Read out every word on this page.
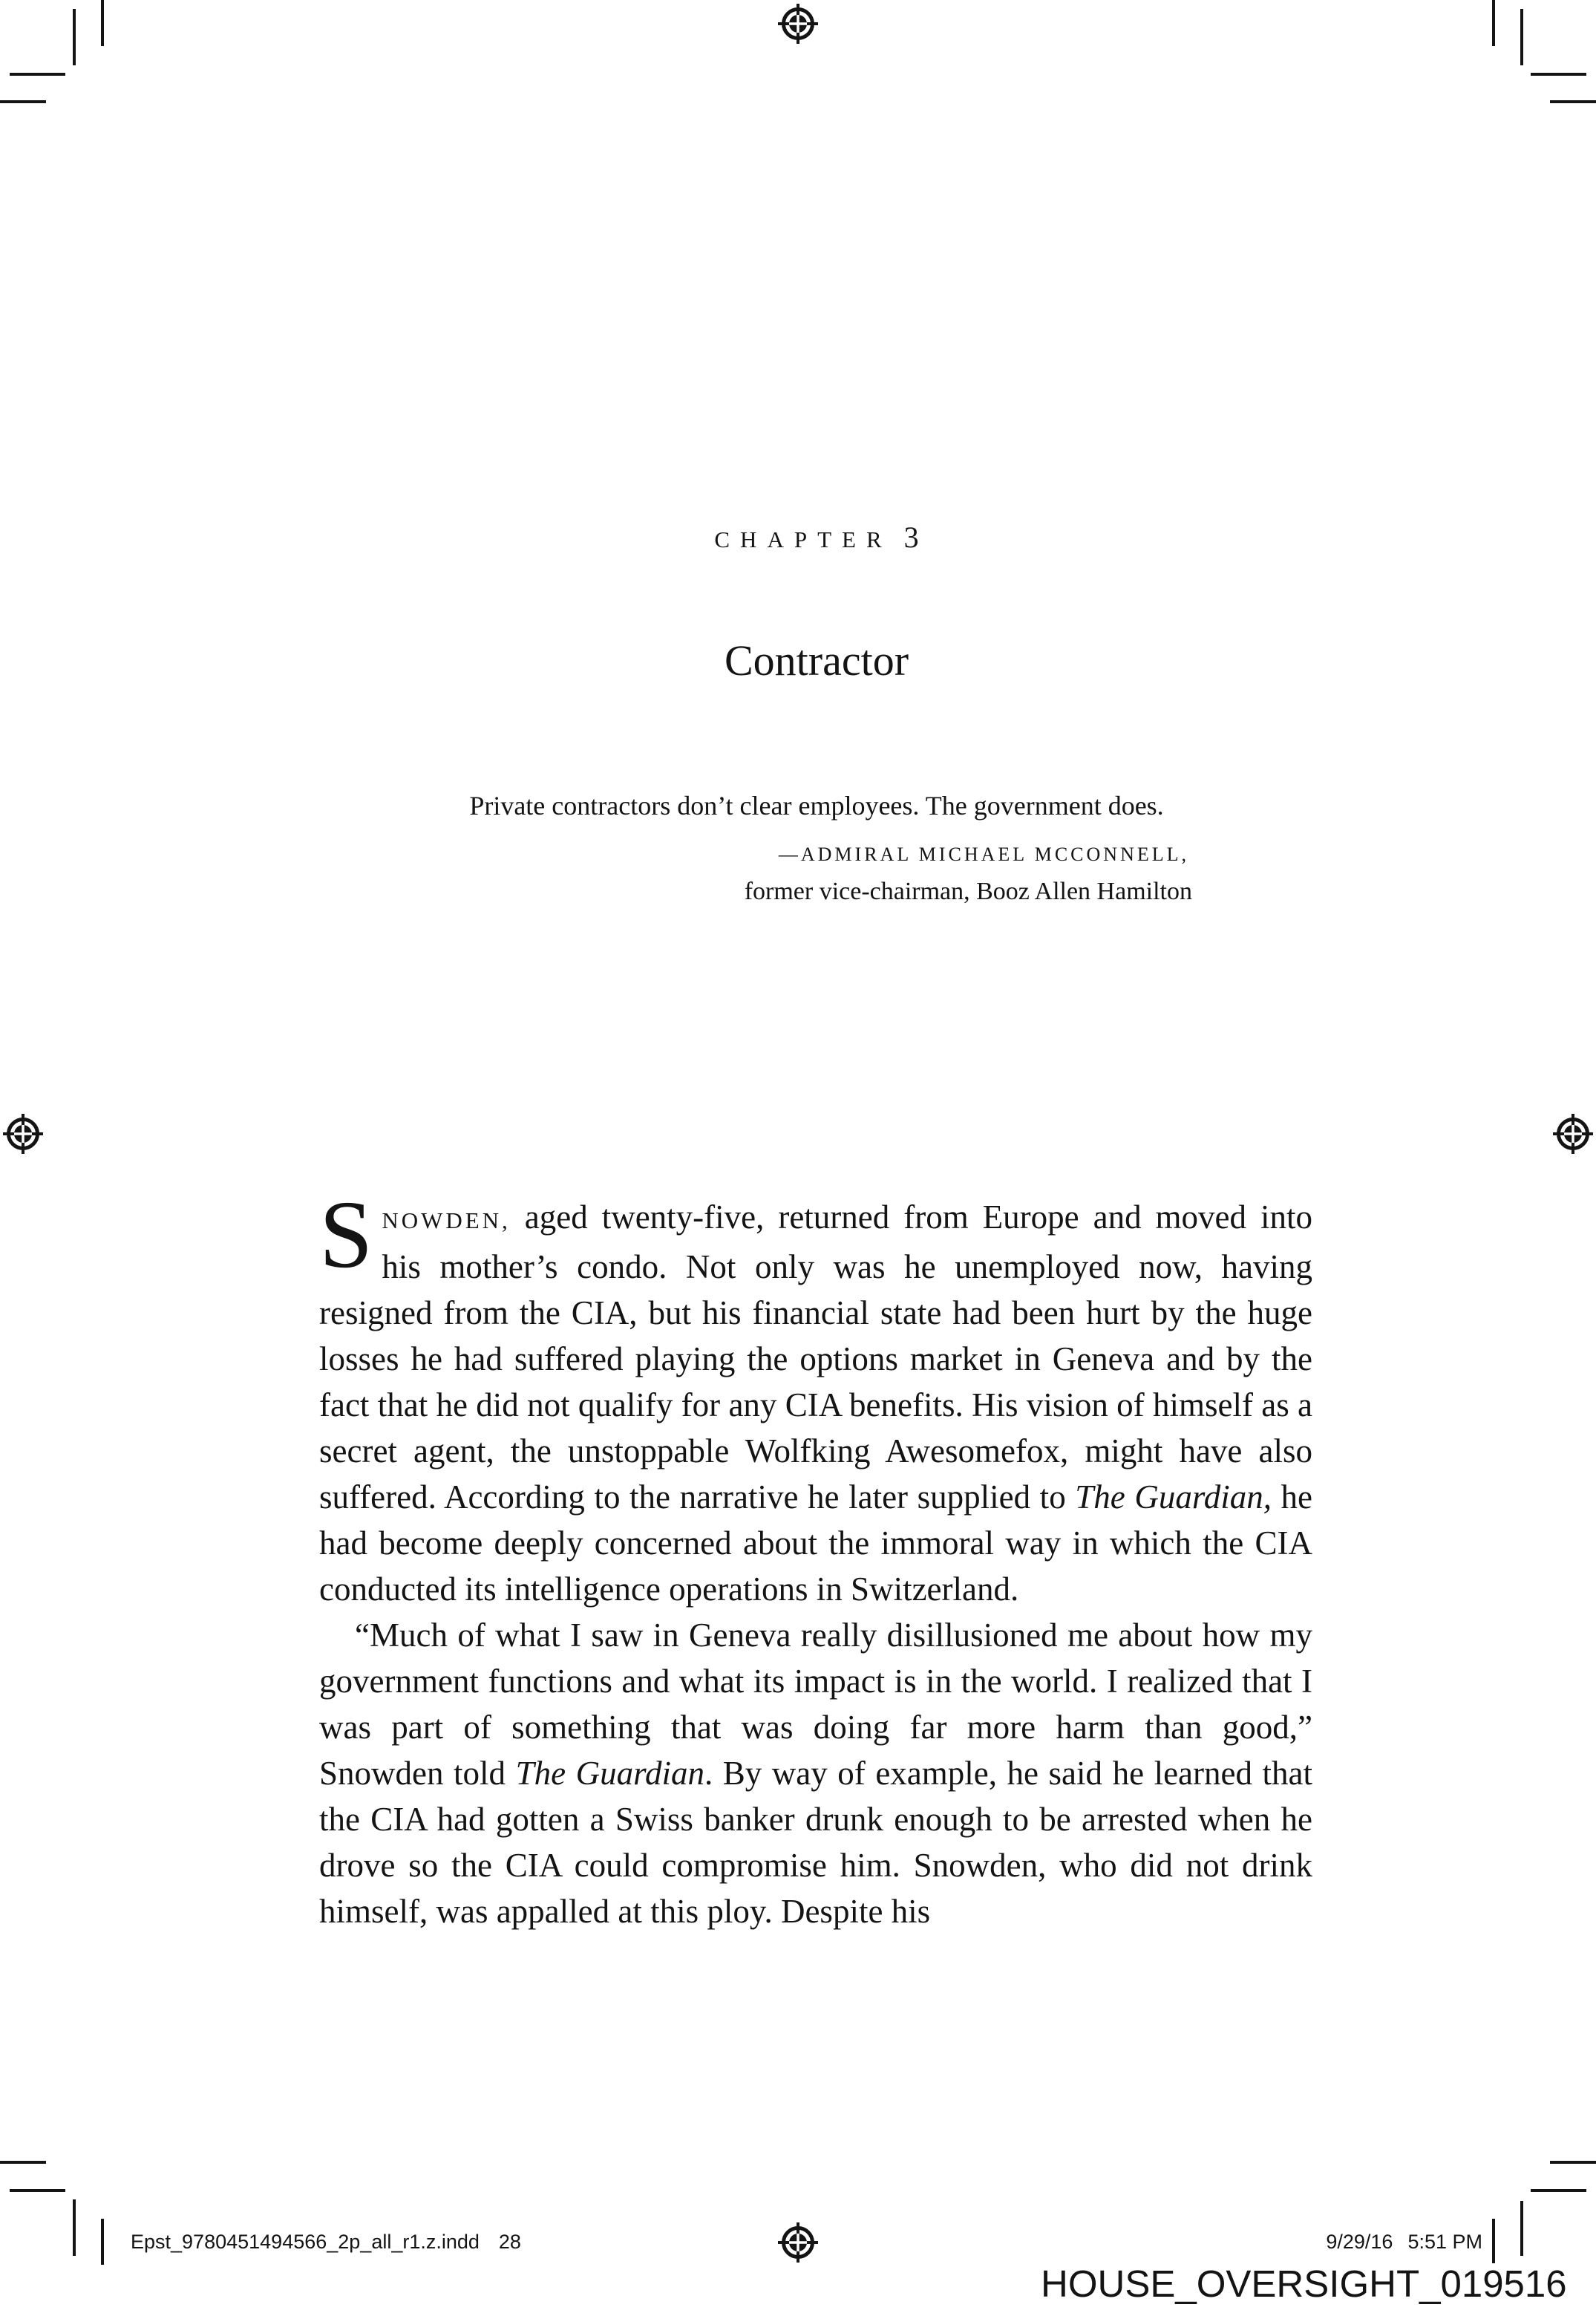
CHAPTER 3
Contractor

Private contractors don’t clear employees. The government does.

—ADMIRAL MICHAEL MCCONNELL,

former vice-chairman, Booz Allen Hamilton

SNOWDEN, aged twenty-five, returned from Europe and moved into his mother’s condo. Not only was he unemployed now, having resigned from the CIA, but his financial state had been hurt by the huge losses he had suffered playing the options market in Geneva and by the fact that he did not qualify for any CIA benefits. His vision of himself as a secret agent, the unstoppable Wolfking Awesomefox, might have also suffered. According to the narrative he later supplied to The Guardian, he had become deeply concerned about the immoral way in which the CIA conducted its intelligence operations in Switzerland.

“Much of what I saw in Geneva really disillusioned me about how my government functions and what its impact is in the world. I realized that I was part of something that was doing far more harm than good,” Snowden told The Guardian. By way of example, he said he learned that the CIA had gotten a Swiss banker drunk enough to be arrested when he drove so the CIA could compromise him. Snowden, who did not drink himself, was appalled at this ploy. Despite his

Epst_9780451494566_2p_all_r1.z.indd 28	9/29/16 5:51 PM
HOUSE_OVERSIGHT_019516
